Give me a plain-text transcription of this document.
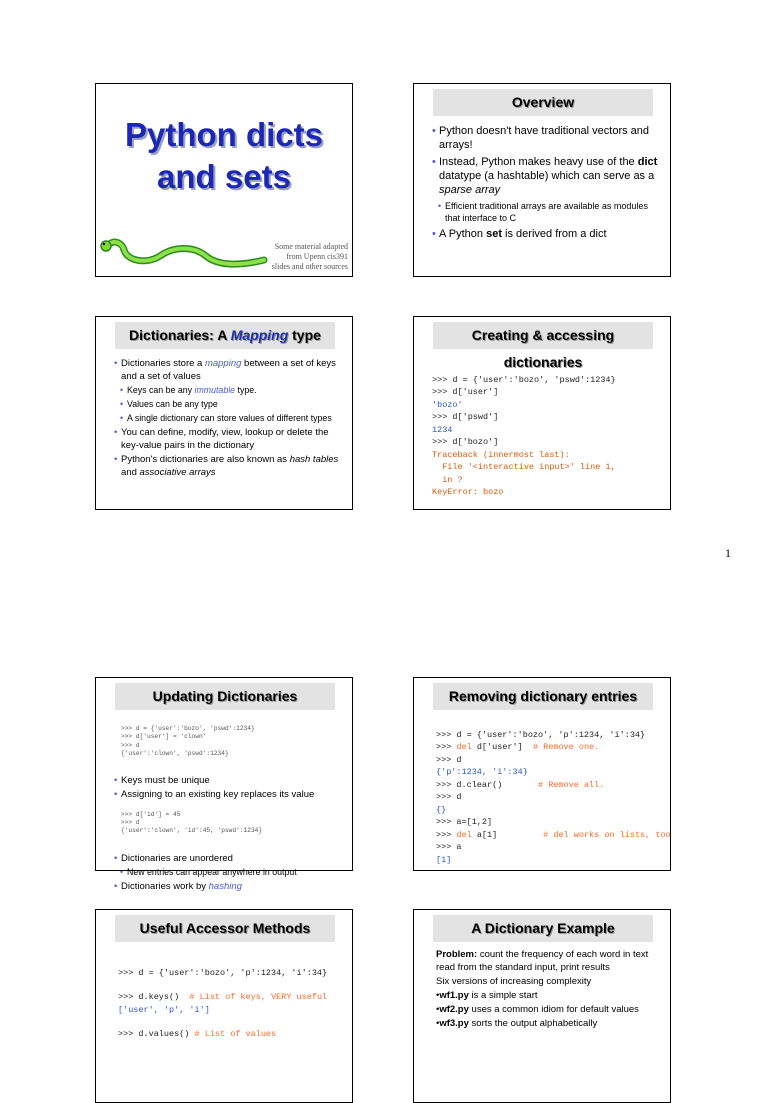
Python dicts
and sets
Some material adapted
from Upenn cis391
slides and other sources
Overview
• Python doesn't have traditional vectors and arrays!
• Instead, Python makes heavy use of the dict datatype (a hashtable) which can serve as a sparse array
• Efficient traditional arrays are available as modules that interface to C
• A Python set is derived from a dict
Dictionaries: A Mapping type
• Dictionaries store a mapping between a set of keys and a set of values
• Keys can be any immutable type.
• Values can be any type
• A single dictionary can store values of different types
• You can define, modify, view, lookup or delete the key-value pairs in the dictionary
• Python's dictionaries are also known as hash tables and associative arrays
Creating & accessing dictionaries

>>> d = {'user':'bozo', 'pswd':1234}
>>> d['user']
'bozo'
>>> d['pswd']
1234
>>> d['bozo']
Traceback (innermost last):
File '<interactive input>' line 1,
in ?
KeyError: bozo

1
Updating Dictionaries

>>> d = {'user':'bozo', 'pswd':1234}
>>> d['user'] = 'clown'
>>> d
{'user':'clown', 'pswd':1234}

• Keys must be unique
• Assigning to an existing key replaces its value

>>> d['id'] = 45
>>> d
{'user':'clown', 'id':45, 'pswd':1234}

• Dictionaries are unordered
• New entries can appear anywhere in output
• Dictionaries work by hashing
Removing dictionary entries

>>> d = {'user':'bozo', 'p':1234, 'i':34}
>>> del d['user']  # Remove one.
>>> d
{'p':1234, 'i':34}
>>> d.clear()       # Remove all.
>>> d
{}
>>> a=[1,2]
>>> del a[1]         # del works on lists, too
>>> a
[1]

Useful Accessor Methods

>>> d = {'user':'bozo', 'p':1234, 'i':34}
>>> d.keys()  # List of keys, VERY useful
['user', 'p', 'i']
>>> d.values() # List of values

A Dictionary Example
Problem: count the frequency of each word in text read from the standard input, print results
Six versions of increasing complexity
•wf1.py is a simple start
•wf2.py uses a common idiom for default values
•wf3.py sorts the output alphabetically
